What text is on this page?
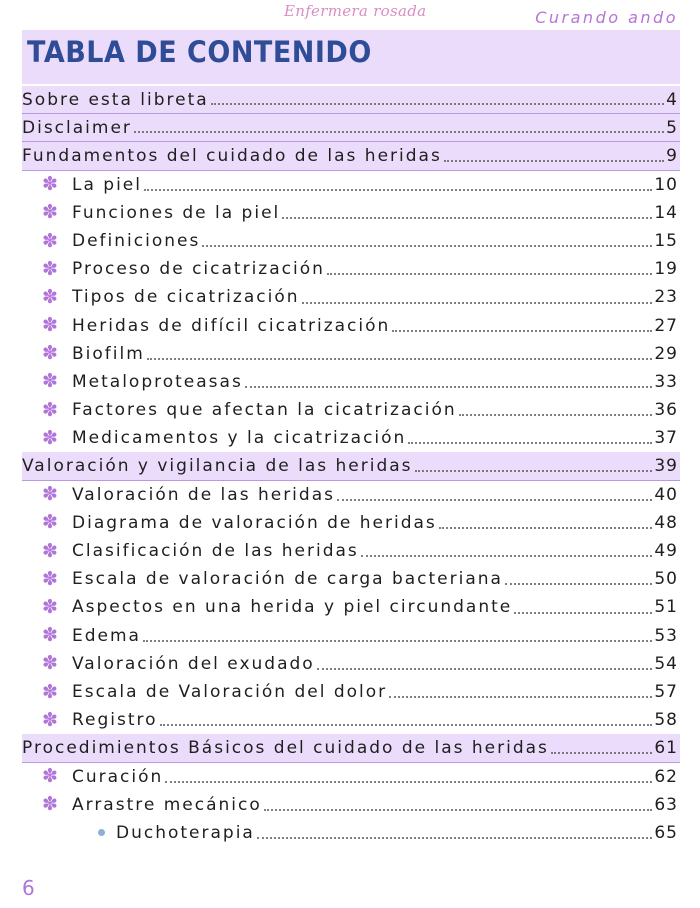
Enfermera rosada	Curando ando
TABLA DE CONTENIDO
Sobre esta libreta	4
Disclaimer	5
Fundamentos del cuidado de las heridas	9
✽ La piel	10
✽ Funciones de la piel	14
✽ Definiciones	15
✽ Proceso de cicatrización	19
✽ Tipos de cicatrización	23
✽ Heridas de difícil cicatrización	27
✽ Biofilm	29
✽ Metaloproteasas	33
✽ Factores que afectan la cicatrización	36
✽ Medicamentos y la cicatrización	37
Valoración y vigilancia de las heridas	39
✽ Valoración de las heridas	40
✽ Diagrama de valoración de heridas	48
✽ Clasificación de las heridas	49
✽ Escala de valoración de carga bacteriana	50
✽ Aspectos en una herida y piel circundante	51
✽ Edema	53
✽ Valoración del exudado	54
✽ Escala de Valoración del dolor	57
✽ Registro	58
Procedimientos Básicos del cuidado de las heridas	61
✽ Curación	62
✽ Arrastre mecánico	63
Duchoterapia	65
6
